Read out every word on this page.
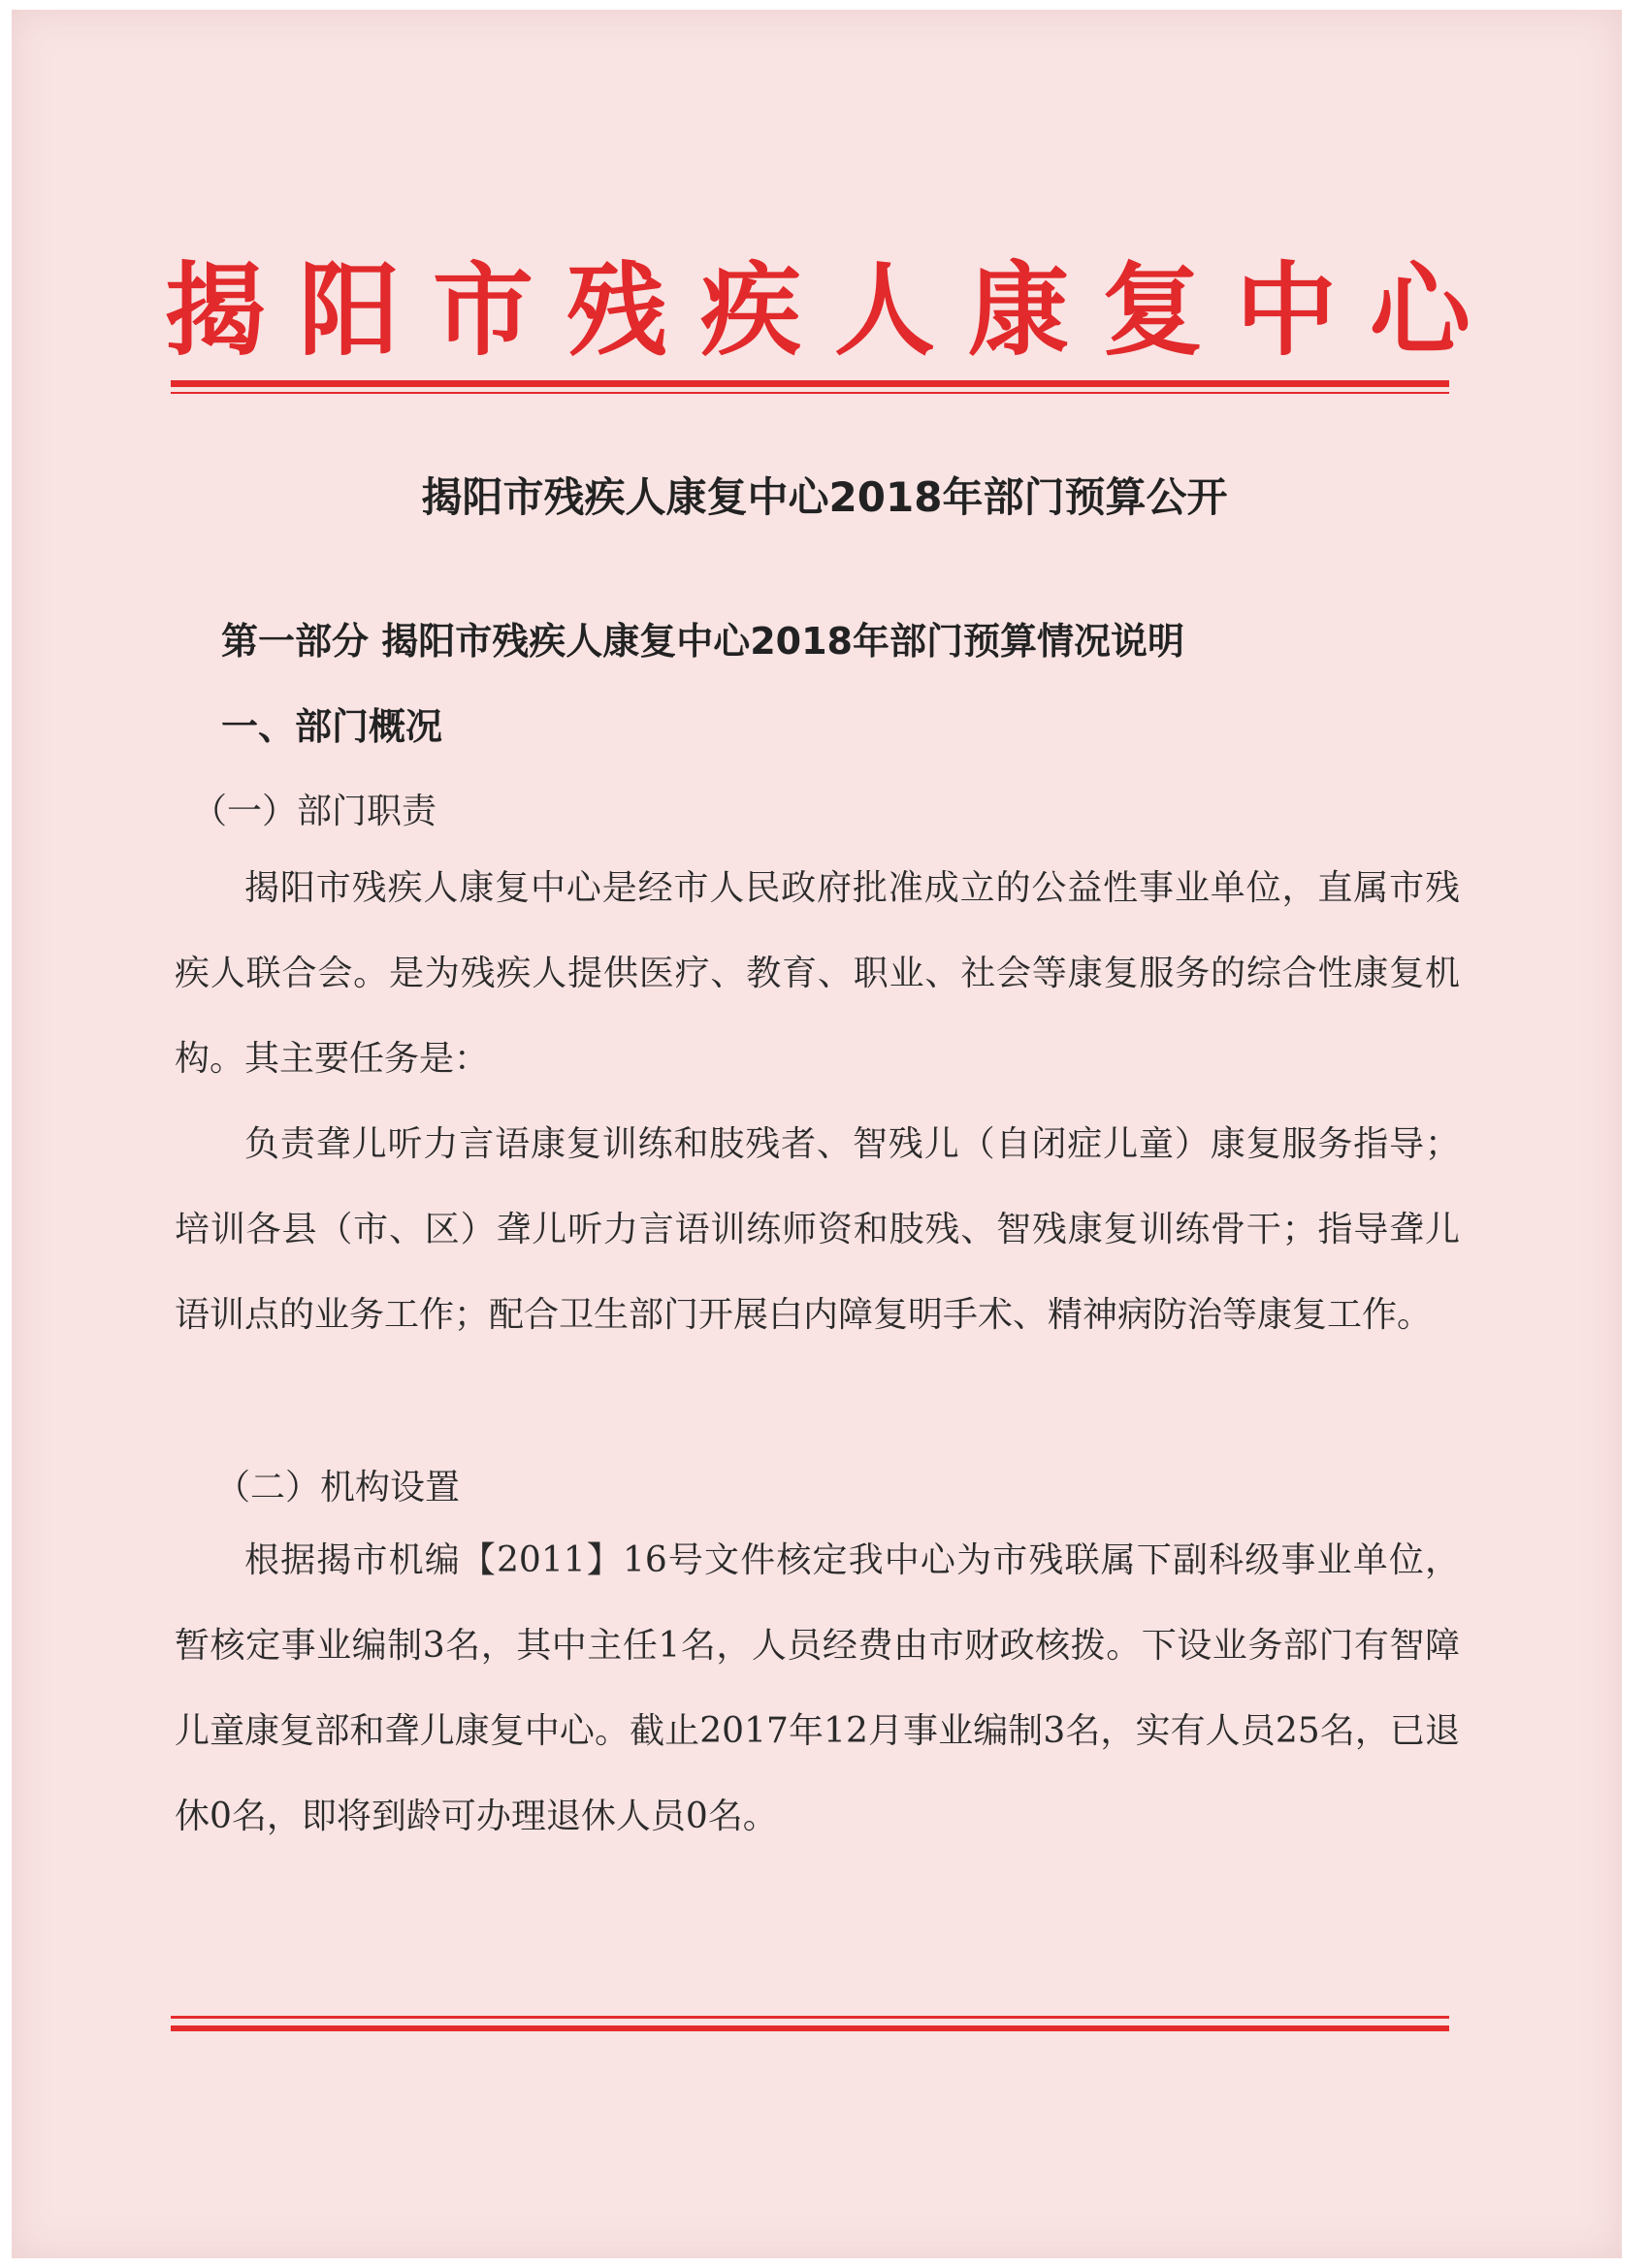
揭阳市残疾人康复中心
揭阳市残疾人康复中心2018年部门预算公开
第一部分 揭阳市残疾人康复中心2018年部门预算情况说明
一、部门概况
（一）部门职责

揭阳市残疾人康复中心是经市人民政府批准成立的公益性事业单位，直属市残疾人联合会。是为残疾人提供医疗、教育、职业、社会等康复服务的综合性康复机构。其主要任务是：

负责聋儿听力言语康复训练和肢残者、智残儿（自闭症儿童）康复服务指导；培训各县（市、区）聋儿听力言语训练师资和肢残、智残康复训练骨干；指导聋儿语训点的业务工作；配合卫生部门开展白内障复明手术、精神病防治等康复工作。

（二）机构设置

根据揭市机编【2011】16号文件核定我中心为市残联属下副科级事业单位，暂核定事业编制3名，其中主任1名，人员经费由市财政核拨。下设业务部门有智障儿童康复部和聋儿康复中心。截止2017年12月事业编制3名，实有人员25名，已退休0名，即将到龄可办理退休人员0名。
